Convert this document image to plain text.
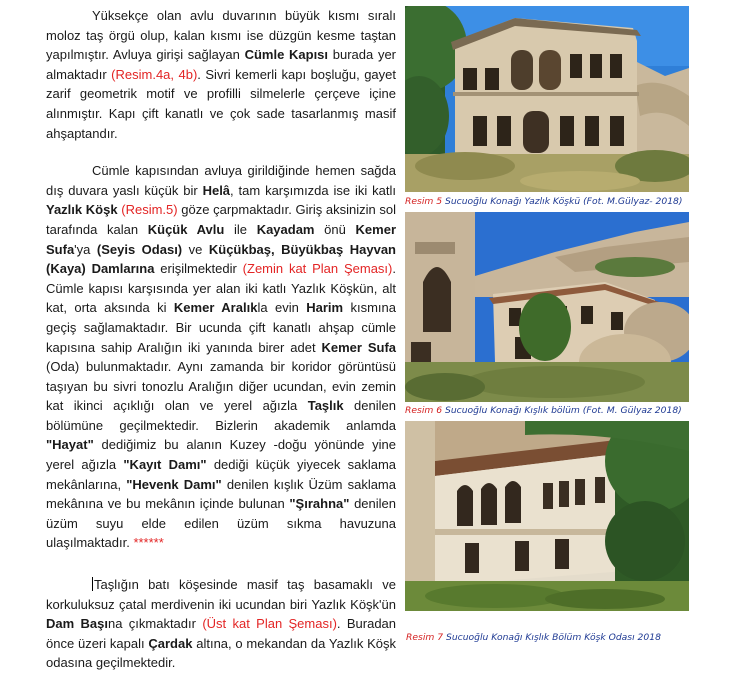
Yüksekçe olan avlu duvarının büyük kısmı sıralı moloz taş örgü olup, kalan kısmı ise düzgün kesme taştan yapılmıştır. Avluya girişi sağlayan Cümle Kapısı burada yer almaktadır (Resim.4a, 4b). Sivri kemerli kapı boşluğu, gayet zarif geometrik motif ve profilli silmelerle çerçeve içine alınmıştır. Kapı çift kanatlı ve çok sade tasarlanmış masif ahşaptandır.

Cümle kapısından avluya girildiğinde hemen sağda dış duvara yaslı küçük bir Helâ, tam karşımızda ise iki katlı Yazlık Köşk (Resim.5) göze çarpmaktadır. Giriş aksinizin sol tarafında kalan Küçük Avlu ile Kayadam önü Kemer Sufa'ya (Seyis Odası) ve Küçükbaş, Büyükbaş Hayvan (Kaya) Damlarına erişilmektedir (Zemin kat Plan Şeması). Cümle kapısı karşısında yer alan iki katlı Yazlık Köşkün, alt kat, orta aksında ki Kemer Aralıkla evin Harim kısmına geçiş sağlamaktadır. Bir ucunda çift kanatlı ahşap cümle kapısına sahip Aralığın iki yanında birer adet Kemer Sufa (Oda) bulunmaktadır. Aynı zamanda bir koridor görüntüsü taşıyan bu sivri tonozlu Aralığın diğer ucundan, evin zemin kat ikinci açıklığı olan ve yerel ağızla Taşlık denilen bölümüne geçilmektedir. Bizlerin akademik anlamda "Hayat" dediğimiz bu alanın Kuzey -doğu yönünde yine yerel ağızla "Kayıt Damı" dediği küçük yiyecek saklama mekânlarına, "Hevenk Damı" denilen kışlık Üzüm saklama mekânına ve bu mekânın içinde bulunan "Şırahna" denilen üzüm suyu elde edilen üzüm sıkma havuzuna ulaşılmaktadır. ******

Taşlığın batı köşesinde masif taş basamaklı ve korkuluksuz çatal merdivenin iki ucundan biri Yazlık Köşk'ün Dam Başına çıkmaktadır (Üst kat Plan Şeması). Buradan önce üzeri kapalı Çardak altına, o mekandan da Yazlık Köşk odasına geçilmektedir.

Resim 5 Sucuoğlu Konağı Yazlık Köşkü (Fot. M.Gülyaz- 2018)
Resim 6 Sucuoğlu Konağı Kışlık bölüm (Fot. M. Gülyaz 2018)
Resim 7 Sucuoğlu Konağı Kışlık Bölüm Köşk Odası 2018
